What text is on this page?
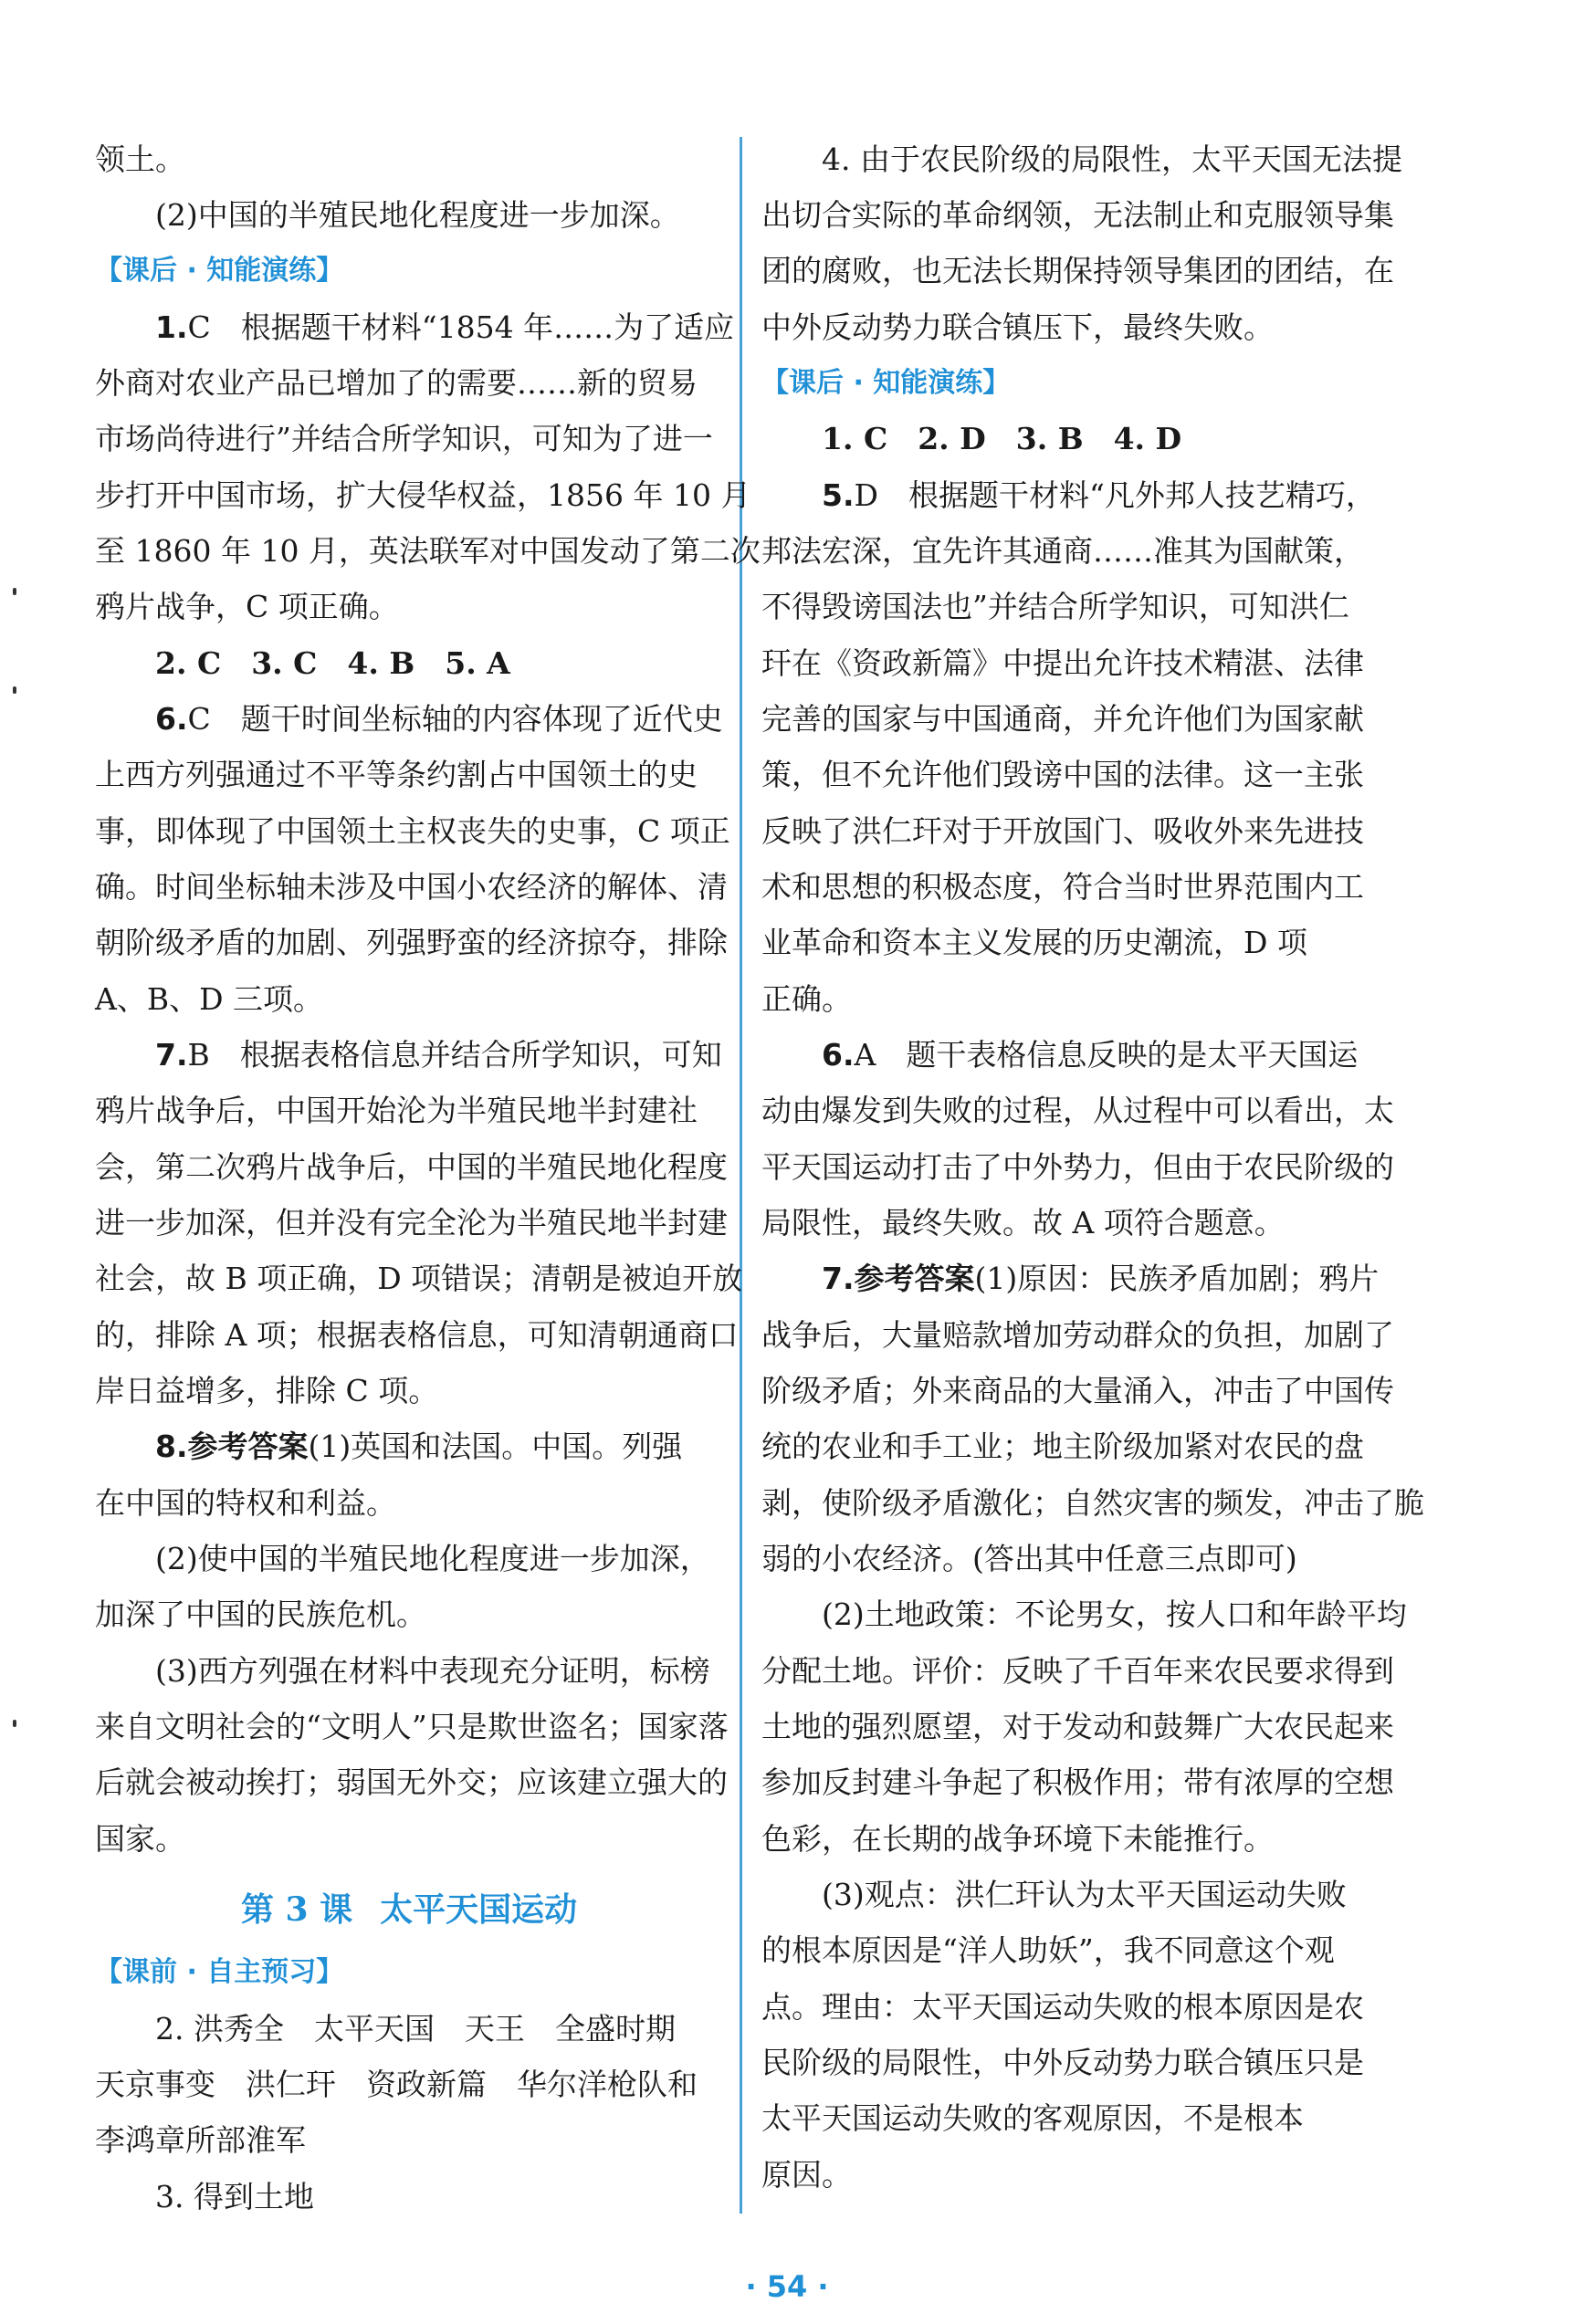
领土。
(2)中国的半殖民地化程度进一步加深。
【课后 · 知能演练】
1.C　根据题干材料“1854 年……为了适应
外商对农业产品已增加了的需要……新的贸易
市场尚待进行”并结合所学知识，可知为了进一
步打开中国市场，扩大侵华权益，1856 年 10 月
至 1860 年 10 月，英法联军对中国发动了第二次
鸦片战争，C 项正确。
2. C　3. C　4. B　5. A
6.C　题干时间坐标轴的内容体现了近代史
上西方列强通过不平等条约割占中国领土的史
事，即体现了中国领土主权丧失的史事，C 项正
确。时间坐标轴未涉及中国小农经济的解体、清
朝阶级矛盾的加剧、列强野蛮的经济掠夺，排除
A、B、D 三项。
7.B　根据表格信息并结合所学知识，可知
鸦片战争后，中国开始沦为半殖民地半封建社
会，第二次鸦片战争后，中国的半殖民地化程度
进一步加深，但并没有完全沦为半殖民地半封建
社会，故 B 项正确，D 项错误；清朝是被迫开放
的，排除 A 项；根据表格信息，可知清朝通商口
岸日益增多，排除 C 项。
8.参考答案(1)英国和法国。中国。列强
在中国的特权和利益。
(2)使中国的半殖民地化程度进一步加深，
加深了中国的民族危机。
(3)西方列强在材料中表现充分证明，标榜
来自文明社会的“文明人”只是欺世盗名；国家落
后就会被动挨打；弱国无外交；应该建立强大的
国家。
第 3 课 太平天国运动
【课前 · 自主预习】
2. 洪秀全　太平天国　天王　全盛时期
天京事变　洪仁玕　资政新篇　华尔洋枪队和
李鸿章所部淮军
3. 得到土地
4. 由于农民阶级的局限性，太平天国无法提
出切合实际的革命纲领，无法制止和克服领导集
团的腐败，也无法长期保持领导集团的团结，在
中外反动势力联合镇压下，最终失败。
【课后 · 知能演练】
1. C　2. D　3. B　4. D
5.D　根据题干材料“凡外邦人技艺精巧，
邦法宏深，宜先许其通商……准其为国献策，
不得毁谤国法也”并结合所学知识，可知洪仁
玕在《资政新篇》中提出允许技术精湛、法律
完善的国家与中国通商，并允许他们为国家献
策，但不允许他们毁谤中国的法律。这一主张
反映了洪仁玕对于开放国门、吸收外来先进技
术和思想的积极态度，符合当时世界范围内工
业革命和资本主义发展的历史潮流，D 项
正确。
6.A　题干表格信息反映的是太平天国运
动由爆发到失败的过程，从过程中可以看出，太
平天国运动打击了中外势力，但由于农民阶级的
局限性，最终失败。故 A 项符合题意。
7.参考答案(1)原因：民族矛盾加剧；鸦片
战争后，大量赔款增加劳动群众的负担，加剧了
阶级矛盾；外来商品的大量涌入，冲击了中国传
统的农业和手工业；地主阶级加紧对农民的盘
剥，使阶级矛盾激化；自然灾害的频发，冲击了脆
弱的小农经济。(答出其中任意三点即可)
(2)土地政策：不论男女，按人口和年龄平均
分配土地。评价：反映了千百年来农民要求得到
土地的强烈愿望，对于发动和鼓舞广大农民起来
参加反封建斗争起了积极作用；带有浓厚的空想
色彩，在长期的战争环境下未能推行。
(3)观点：洪仁玕认为太平天国运动失败
的根本原因是“洋人助妖”，我不同意这个观
点。理由：太平天国运动失败的根本原因是农
民阶级的局限性，中外反动势力联合镇压只是
太平天国运动失败的客观原因，不是根本
原因。
· 54 ·
